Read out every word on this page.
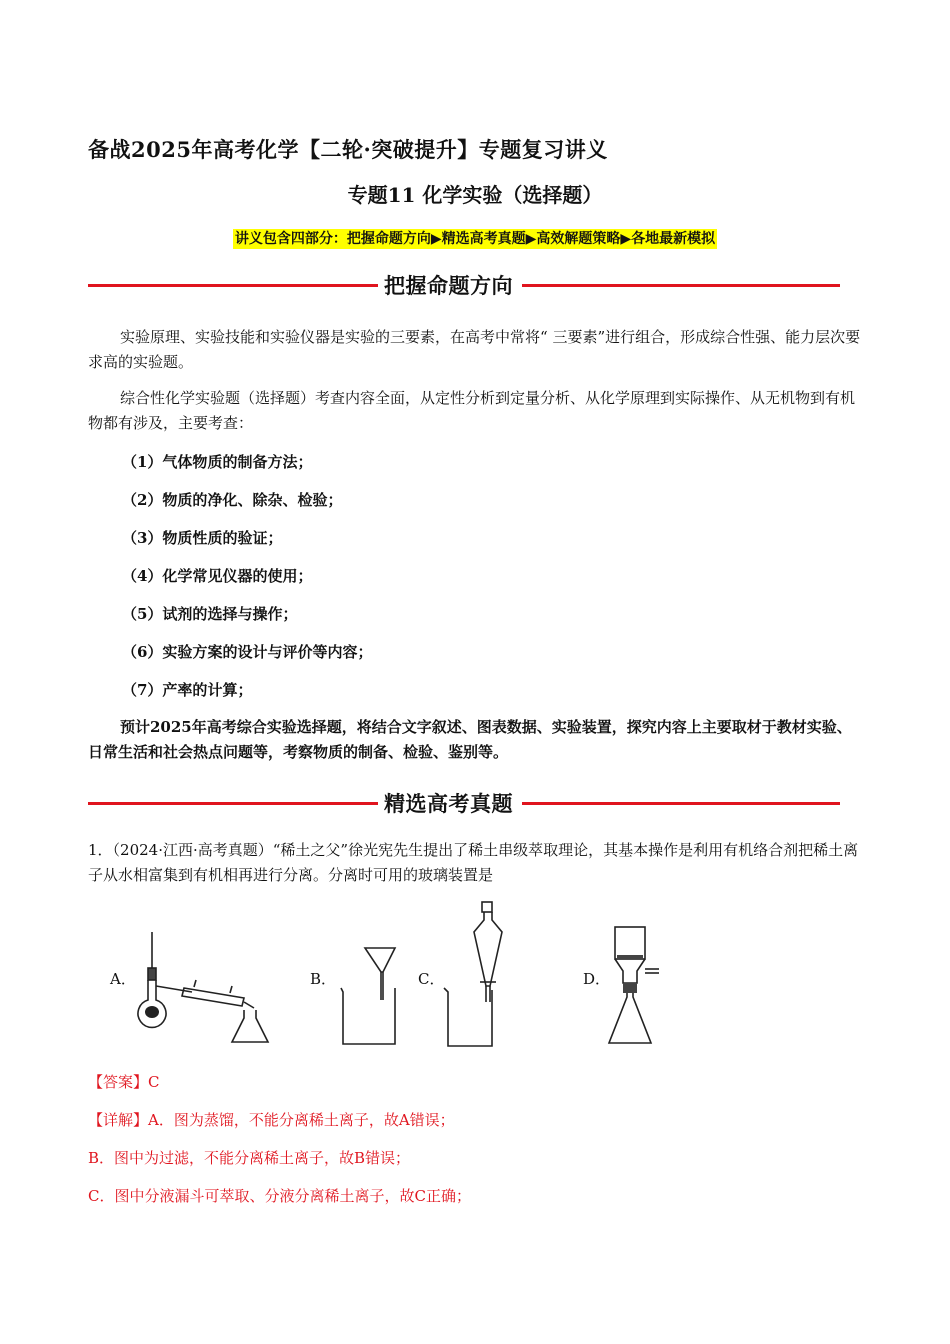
备战2025年高考化学【二轮·突破提升】专题复习讲义
专题11 化学实验（选择题）
讲义包含四部分：把握命题方向▶精选高考真题▶高效解题策略▶各地最新模拟
把握命题方向
实验原理、实验技能和实验仪器是实验的三要素，在高考中常将“ 三要素”进行组合，形成综合性强、能力层次要求高的实验题。
综合性化学实验题（选择题）考查内容全面，从定性分析到定量分析、从化学原理到实际操作、从无机物到有机物都有涉及，主要考查：
（1）气体物质的制备方法；
（2）物质的净化、除杂、检验；
（3）物质性质的验证；
（4）化学常见仪器的使用；
（5）试剂的选择与操作；
（6）实验方案的设计与评价等内容；
（7）产率的计算；
预计2025年高考综合实验选择题，将结合文字叙述、图表数据、实验装置，探究内容上主要取材于教材实验、日常生活和社会热点问题等，考察物质的制备、检验、鉴别等。
精选高考真题
1．（2024·江西·高考真题）“稀土之父”徐光宪先生提出了稀土串级萃取理论，其基本操作是利用有机络合剂把稀土离子从水相富集到有机相再进行分离。分离时可用的玻璃装置是
A．	B．	C．	D．
【答案】C
【详解】A．图为蒸馏，不能分离稀土离子，故A错误；
B．图中为过滤，不能分离稀土离子，故B错误；
C．图中分液漏斗可萃取、分液分离稀土离子，故C正确；
